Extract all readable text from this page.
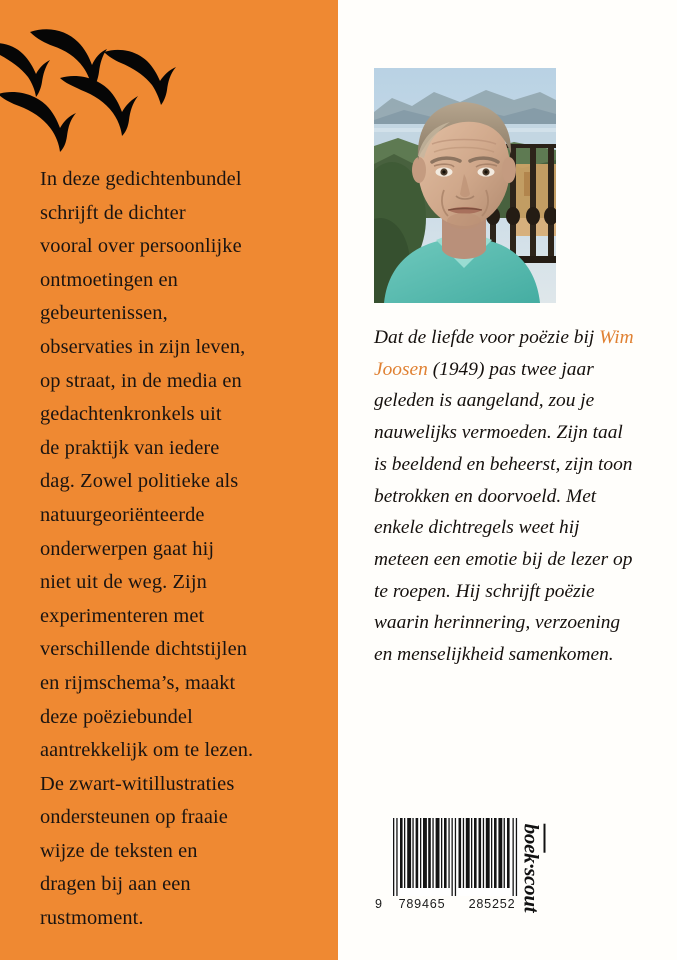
In deze gedichtenbundel
schrijft de dichter
vooral over persoonlijke
ontmoetingen en
gebeurtenissen,
observaties in zijn leven,
op straat, in de media en
gedachtenkronkels uit
de praktijk van iedere
dag. Zowel politieke als
natuurgeoriënteerde
onderwerpen gaat hij
niet uit de weg. Zijn
experimenteren met
verschillende dichtstijlen
en rijmschema’s, maakt
deze poëziebundel
aantrekkelijk om te lezen.
De zwart-witillustraties
ondersteunen op fraaie
wijze de teksten en
dragen bij aan een
rustmoment.

Dat de liefde voor poëzie bij Wim Joosen (1949) pas twee jaar geleden is aangeland, zou je nauwelijks vermoeden. Zijn taal is beeldend en beheerst, zijn toon betrokken en doorvoeld. Met enkele dichtregels weet hij meteen een emotie bij de lezer op te roepen. Hij schrijft poëzie waarin herinnering, verzoening en menselijkheid samenkomen.

9	789465	285252
boek·scout
